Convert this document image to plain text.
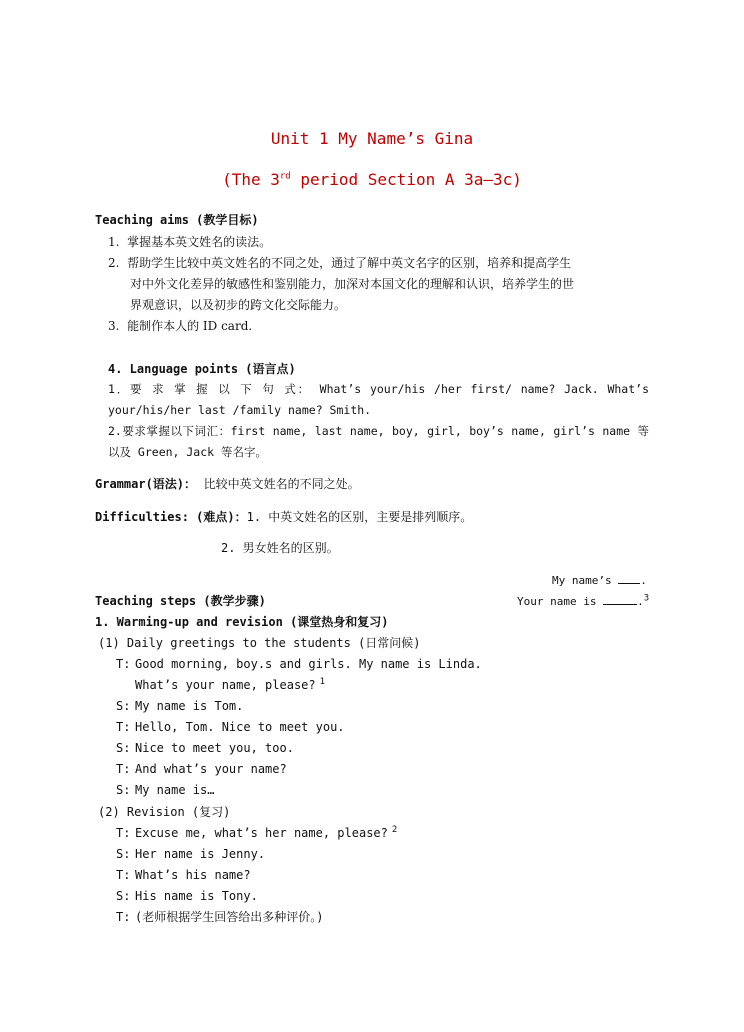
Unit 1 My Name’s Gina
(The 3rd period Section A 3a—3c)
Teaching aims (教学目标)
1. 掌握基本英文姓名的读法。
2. 帮助学生比较中英文姓名的不同之处，通过了解中英文名字的区别，培养和提高学生
对中外文化差异的敏感性和鉴别能力，加深对本国文化的理解和认识，培养学生的世
界观意识，以及初步的跨文化交际能力。
3. 能制作本人的 ID card.
4. Language points (语言点)
1．要 求 掌 握 以 下 句 式： What’s your/his /her first/ name? Jack. What’s
your/his/her last /family name? Smith.
2.要求掌握以下词汇：first name, last name, boy, girl, boy’s name, girl’s name 等
以及 Green, Jack 等名字。
Grammar(语法)： 比较中英文姓名的不同之处。
Difficulties: (难点)：1. 中英文姓名的区别，主要是排列顺序。
2. 男女姓名的区别。
My name’s .
Your name is	.$^3$
Teaching steps (教学步骤)
1. Warming-up and revision (课堂热身和复习)
(1) Daily greetings to the students (日常问候)
T: Good morning, boy.s and girls. My name is Linda.
What’s your name, please? $^1$
S: My name is Tom.
T: Hello, Tom. Nice to meet you.
S: Nice to meet you, too.
T: And what’s your name?
S: My name is…
(2) Revision (复习)
T: Excuse me, what’s her name, please? $^2$
S: Her name is Jenny.
T: What’s his name?
S: His name is Tony.
T: (老师根据学生回答给出多种评价。)
